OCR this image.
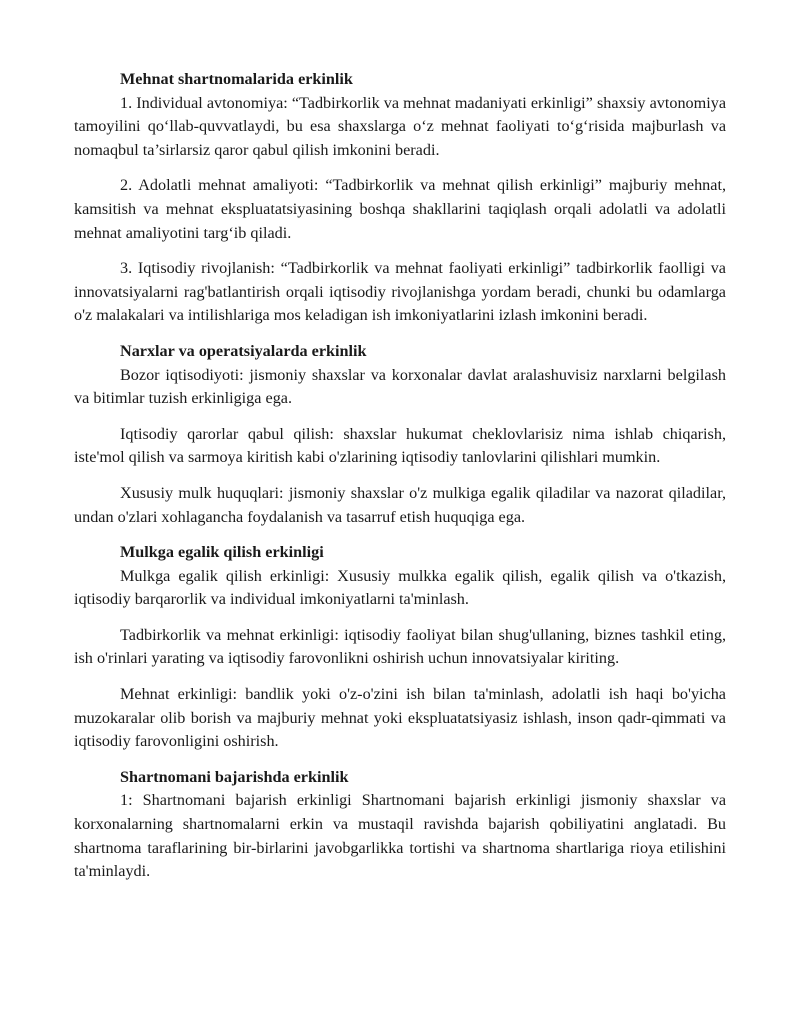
Mehnat shartnomalarida erkinlik

1. Individual avtonomiya: “Tadbirkorlik va mehnat madaniyati erkinligi” shaxsiy avtonomiya tamoyilini qo‘llab-quvvatlaydi, bu esa shaxslarga o‘z mehnat faoliyati to‘g‘risida majburlash va nomaqbul ta’sirlarsiz qaror qabul qilish imkonini beradi.

2. Adolatli mehnat amaliyoti: “Tadbirkorlik va mehnat qilish erkinligi” majburiy mehnat, kamsitish va mehnat ekspluatatsiyasining boshqa shakllarini taqiqlash orqali adolatli va adolatli mehnat amaliyotini targ‘ib qiladi.

3. Iqtisodiy rivojlanish: “Tadbirkorlik va mehnat faoliyati erkinligi” tadbirkorlik faolligi va innovatsiyalarni rag'batlantirish orqali iqtisodiy rivojlanishga yordam beradi, chunki bu odamlarga o'z malakalari va intilishlariga mos keladigan ish imkoniyatlarini izlash imkonini beradi.

Narxlar va operatsiyalarda erkinlik

Bozor iqtisodiyoti: jismoniy shaxslar va korxonalar davlat aralashuvisiz narxlarni belgilash va bitimlar tuzish erkinligiga ega.

Iqtisodiy qarorlar qabul qilish: shaxslar hukumat cheklovlarisiz nima ishlab chiqarish, iste'mol qilish va sarmoya kiritish kabi o'zlarining iqtisodiy tanlovlarini qilishlari mumkin.

Xususiy mulk huquqlari: jismoniy shaxslar o'z mulkiga egalik qiladilar va nazorat qiladilar, undan o'zlari xohlagancha foydalanish va tasarruf etish huquqiga ega.

Mulkga egalik qilish erkinligi

Mulkga egalik qilish erkinligi: Xususiy mulkka egalik qilish, egalik qilish va o'tkazish, iqtisodiy barqarorlik va individual imkoniyatlarni ta'minlash.

Tadbirkorlik va mehnat erkinligi: iqtisodiy faoliyat bilan shug'ullaning, biznes tashkil eting, ish o'rinlari yarating va iqtisodiy farovonlikni oshirish uchun innovatsiyalar kiriting.

Mehnat erkinligi: bandlik yoki o'z-o'zini ish bilan ta'minlash, adolatli ish haqi bo'yicha muzokaralar olib borish va majburiy mehnat yoki ekspluatatsiyasiz ishlash, inson qadr-qimmati va iqtisodiy farovonligini oshirish.

Shartnomani bajarishda erkinlik

1: Shartnomani bajarish erkinligi Shartnomani bajarish erkinligi jismoniy shaxslar va korxonalarning shartnomalarni erkin va mustaqil ravishda bajarish qobiliyatini anglatadi. Bu shartnoma taraflarining bir-birlarini javobgarlikka tortishi va shartnoma shartlariga rioya etilishini ta'minlaydi.
